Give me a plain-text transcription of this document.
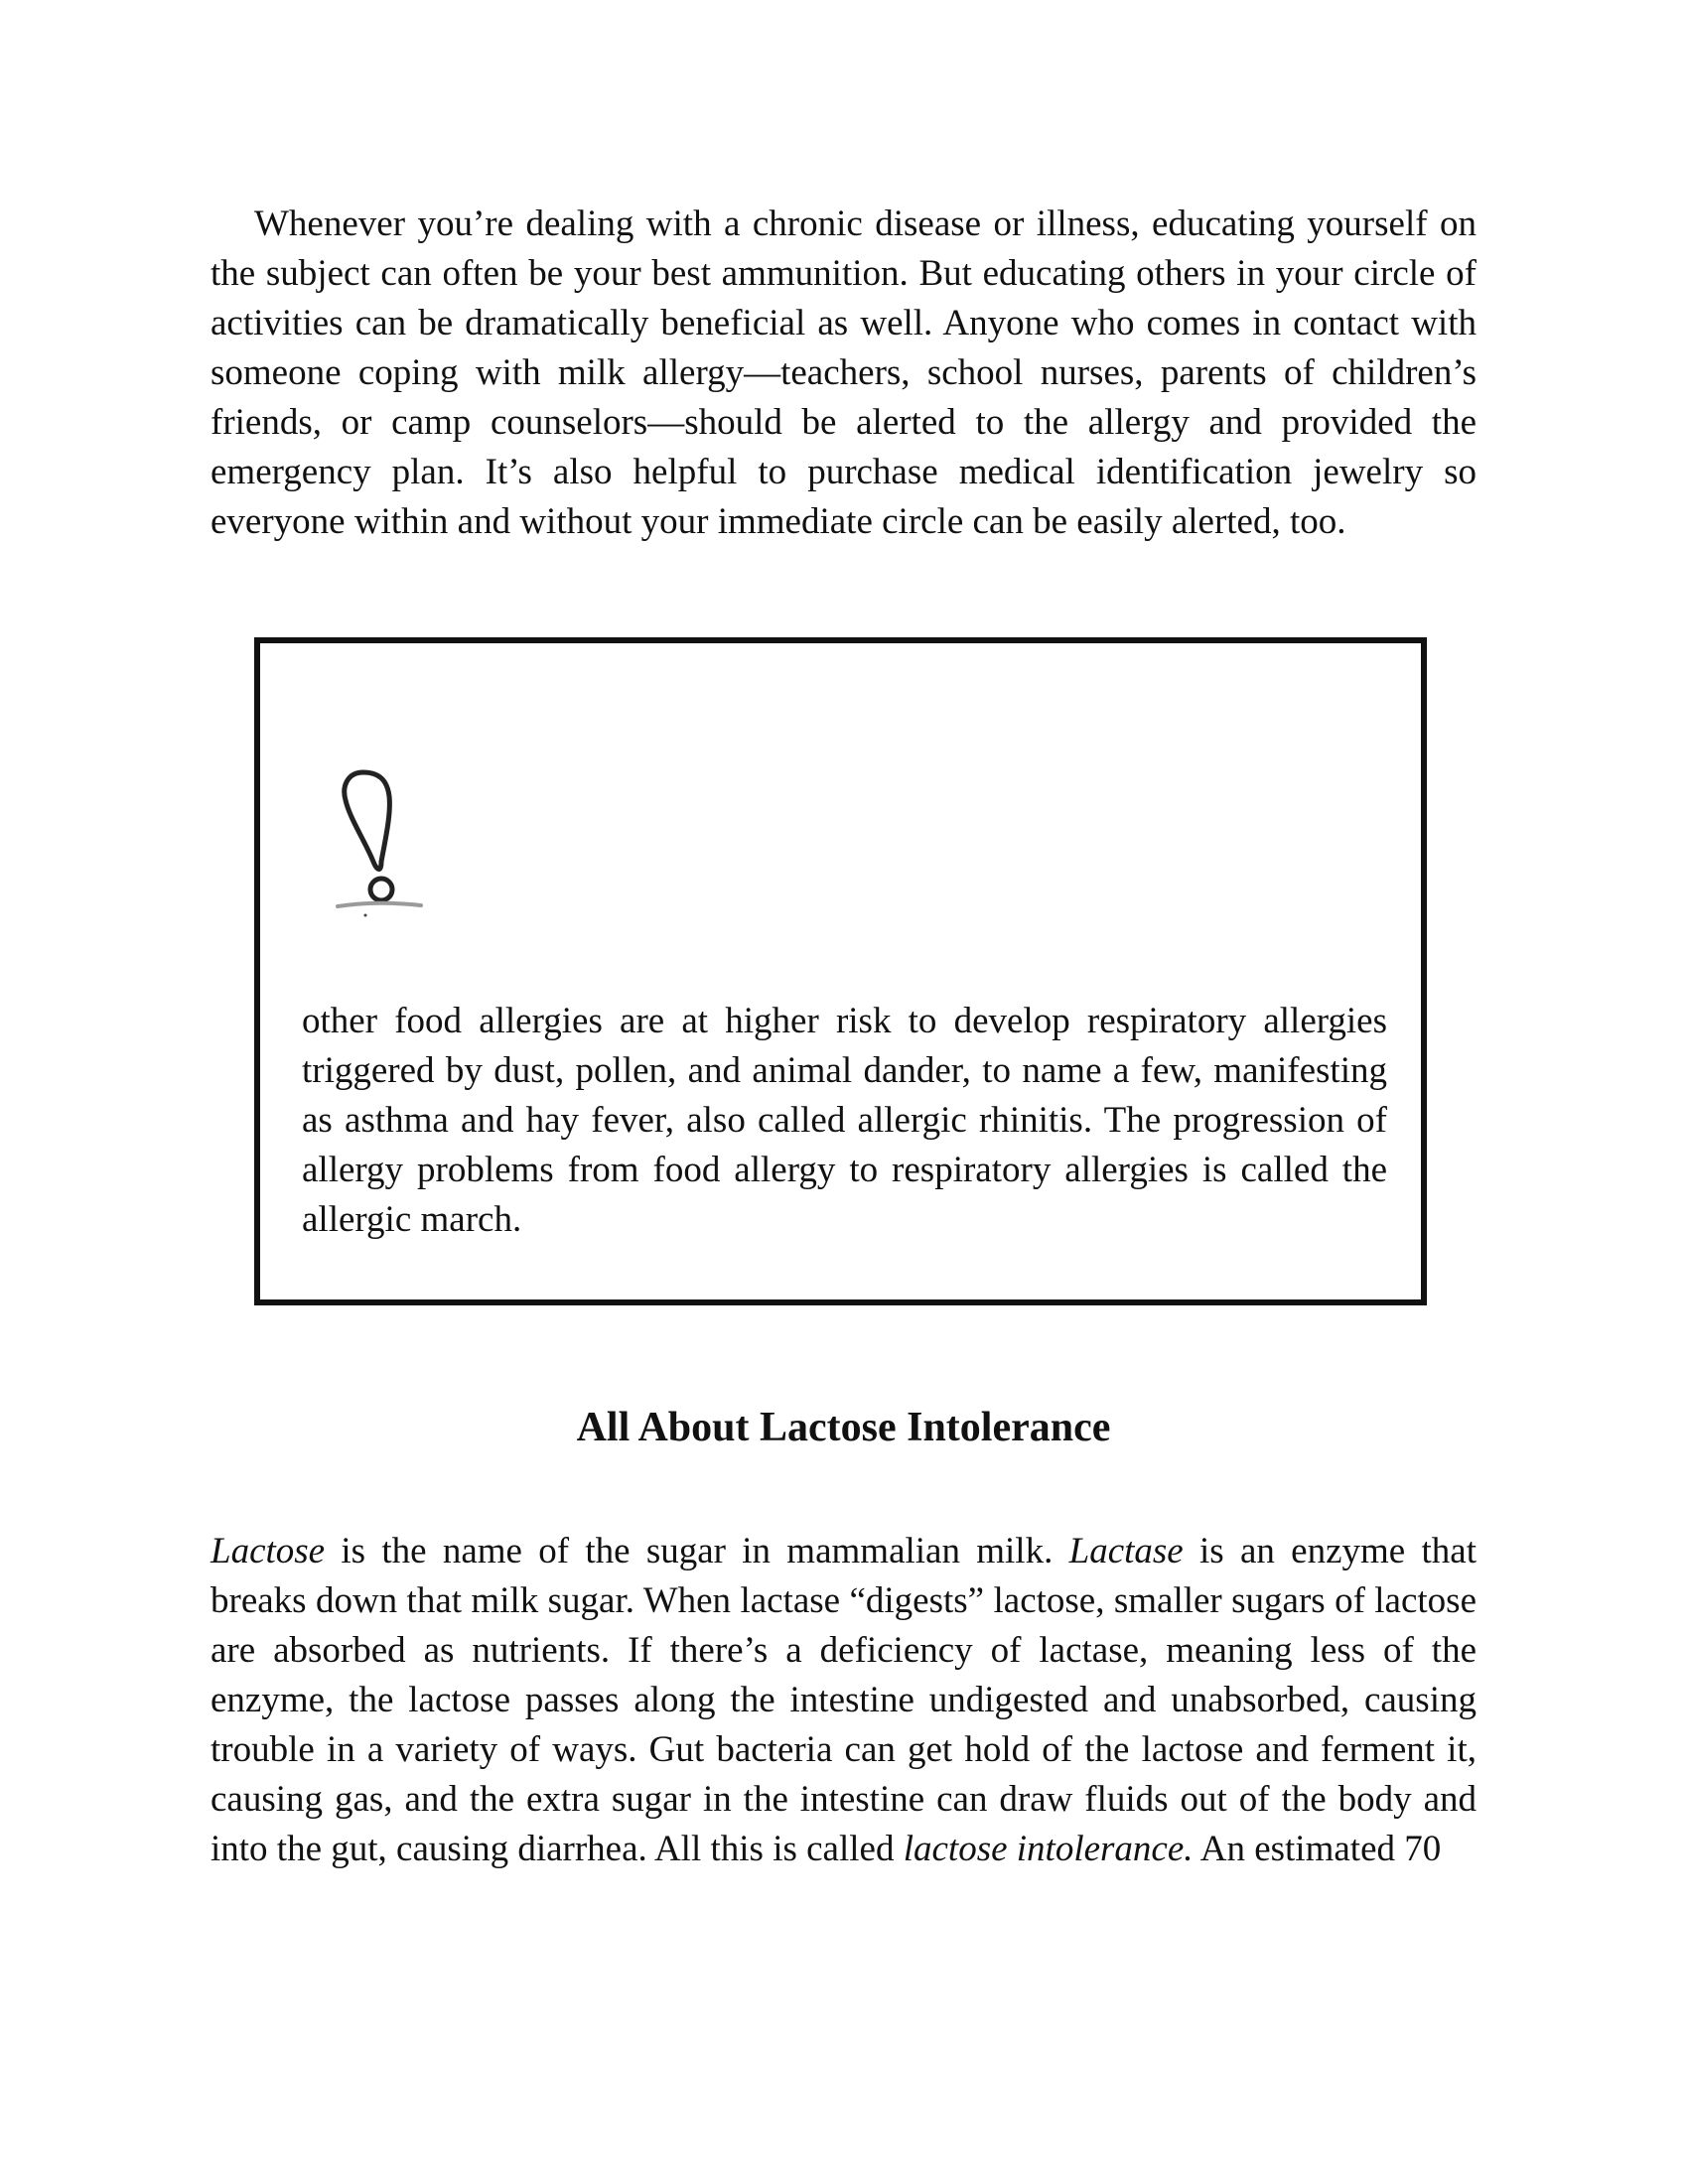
Whenever you’re dealing with a chronic disease or illness, educating yourself on the subject can often be your best ammunition. But educating others in your circle of activities can be dramatically beneficial as well. Anyone who comes in contact with someone coping with milk allergy—teachers, school nurses, parents of children’s friends, or camp counselors—should be alerted to the allergy and provided the emergency plan. It’s also helpful to purchase medical identification jewelry so everyone within and without your immediate circle can be easily alerted, too.

other food allergies are at higher risk to develop respiratory allergies triggered by dust, pollen, and animal dander, to name a few, manifesting as asthma and hay fever, also called allergic rhinitis. The progression of allergy problems from food allergy to respiratory allergies is called the allergic march.

All About Lactose Intolerance

Lactose is the name of the sugar in mammalian milk. Lactase is an enzyme that breaks down that milk sugar. When lactase “digests” lactose, smaller sugars of lactose are absorbed as nutrients. If there’s a deficiency of lactase, meaning less of the enzyme, the lactose passes along the intestine undigested and unabsorbed, causing trouble in a variety of ways. Gut bacteria can get hold of the lactose and ferment it, causing gas, and the extra sugar in the intestine can draw fluids out of the body and into the gut, causing diarrhea. All this is called lactose intolerance. An estimated 70
